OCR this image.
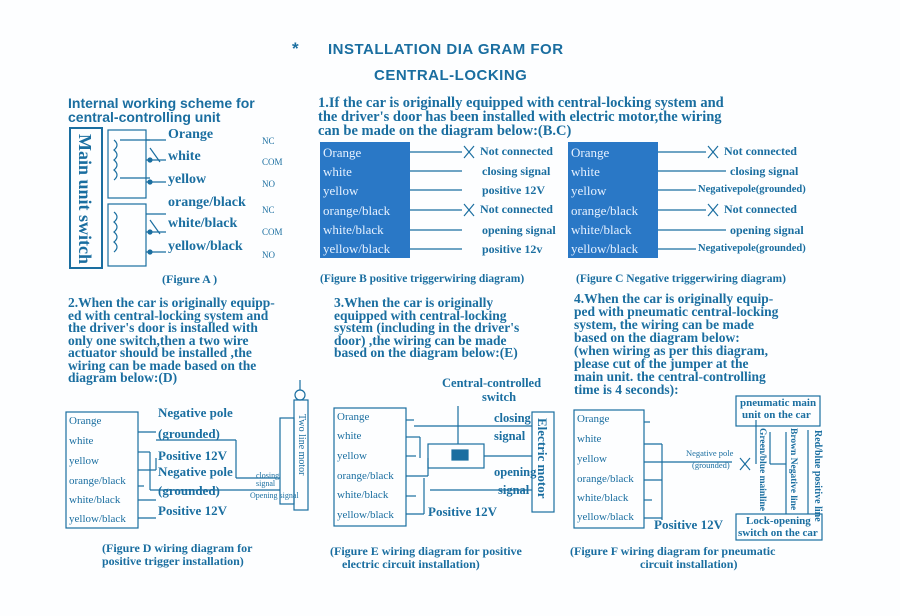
* INSTALLATION DIA GRAM FOR
CENTRAL-LOCKING
Internal working scheme for
central-controlling unit
Main unit switch	Orange
white
yellow
orange/black
white/black
yellow/black
NC
COM
NO
NC
COM
NO
(Figure A )
1.If the car is originally equipped with central-locking system and
the driver's door has been installed with electric motor,the wiring
can be made on the diagram below:(B.C)
Orange
white
yellow
orange/black
white/black
yellow/black
Not connected
closing signal
positive 12V
Not connected
opening signal
positive 12v
(Figure B positive triggerwiring diagram)
Orange
white
yellow
orange/black
white/black
yellow/black
Not connected
closing signal
Negativepole(grounded)
Not connected
opening signal
Negativepole(grounded)
(Figure C Negative triggerwiring diagram)
2.When the car is originally equipp-
ed with central-locking system and
the driver's door is installed with
only one switch,then a two wire
actuator should be installed ,the
wiring can be made based on the
diagram below:(D)
3.When the car is originally
equipped with central-locking
system (including in the driver's
door) ,the wiring can be made
based on the diagram below:(E)
4.When the car is originally equip-
ped with pneumatic central-locking
system, the wiring can be made
based on the diagram below:
(when wiring as per this diagram,
please cut of the jumper at the
main unit. the central-controlling
time is 4 seconds):
Orange
white
yellow
orange/black
white/black
yellow/black
Negative pole
(grounded)
Positive 12V
Negative pole
(grounded)
Positive 12V
closing signal
Opening signal
Two line motor
(Figure D wiring diagram for
positive trigger installation)
Orange
white
yellow
orange/black
white/black
yellow/black
Central-controlled
switch
closing
signal
opening
signal Electric motor
Positive 12V
(Figure E wiring diagram for positive
electric circuit installation)
Orange
white
yellow
orange/black
white/black
yellow/black
Negative pole
(grounded)
pneumatic main
unit on the car
Green/blue mainline Brown Negative line Red/blue positive line
Positive 12V Lock-opening
switch on the car
(Figure F wiring diagram for pneumatic
circuit installation)
